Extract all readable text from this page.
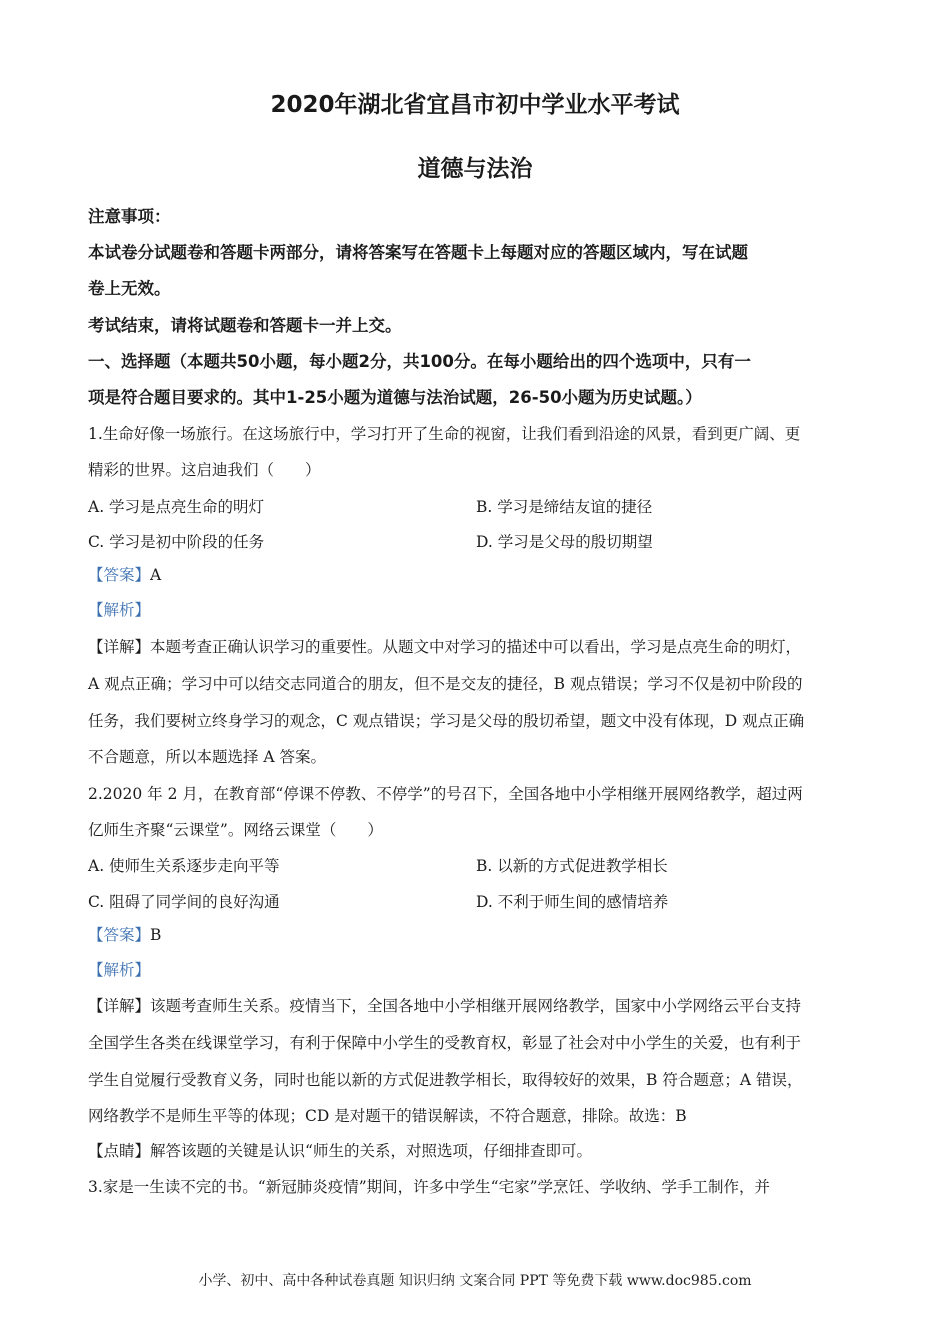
2020年湖北省宜昌市初中学业水平考试
道德与法治
注意事项：
本试卷分试题卷和答题卡两部分，请将答案写在答题卡上每题对应的答题区域内，写在试题
卷上无效。
考试结束，请将试题卷和答题卡一并上交。
一、选择题（本题共50小题，每小题2分，共100分。在每小题给出的四个选项中，只有一
项是符合题目要求的。其中1-25小题为道德与法治试题，26-50小题为历史试题。）
1.生命好像一场旅行。在这场旅行中，学习打开了生命的视窗，让我们看到沿途的风景，看到更广阔、更
精彩的世界。这启迪我们（　　）
A. 学习是点亮生命的明灯	B. 学习是缔结友谊的捷径
C. 学习是初中阶段的任务	D. 学习是父母的殷切期望
【答案】A
【解析】
【详解】本题考查正确认识学习的重要性。从题文中对学习的描述中可以看出，学习是点亮生命的明灯，
A 观点正确；学习中可以结交志同道合的朋友，但不是交友的捷径，B 观点错误；学习不仅是初中阶段的
任务，我们要树立终身学习的观念，C 观点错误；学习是父母的殷切希望，题文中没有体现，D 观点正确
不合题意，所以本题选择 A 答案。
2.2020 年 2 月，在教育部“停课不停教、不停学”的号召下，全国各地中小学相继开展网络教学，超过两
亿师生齐聚“云课堂”。网络云课堂（　　）
A. 使师生关系逐步走向平等	B. 以新的方式促进教学相长
C. 阻碍了同学间的良好沟通	D. 不利于师生间的感情培养
【答案】B
【解析】
【详解】该题考查师生关系。疫情当下，全国各地中小学相继开展网络教学，国家中小学网络云平台支持
全国学生各类在线课堂学习，有利于保障中小学生的受教育权，彰显了社会对中小学生的关爱，也有利于
学生自觉履行受教育义务，同时也能以新的方式促进教学相长，取得较好的效果，B 符合题意；A 错误，
网络教学不是师生平等的体现；CD 是对题干的错误解读，不符合题意，排除。故选：B
【点睛】解答该题的关键是认识“师生的关系，对照选项，仔细排查即可。
3.家是一生读不完的书。“新冠肺炎疫情”期间，许多中学生“宅家”学烹饪、学收纳、学手工制作，并
小学、初中、高中各种试卷真题 知识归纳 文案合同 PPT 等免费下载 www.doc985.com
